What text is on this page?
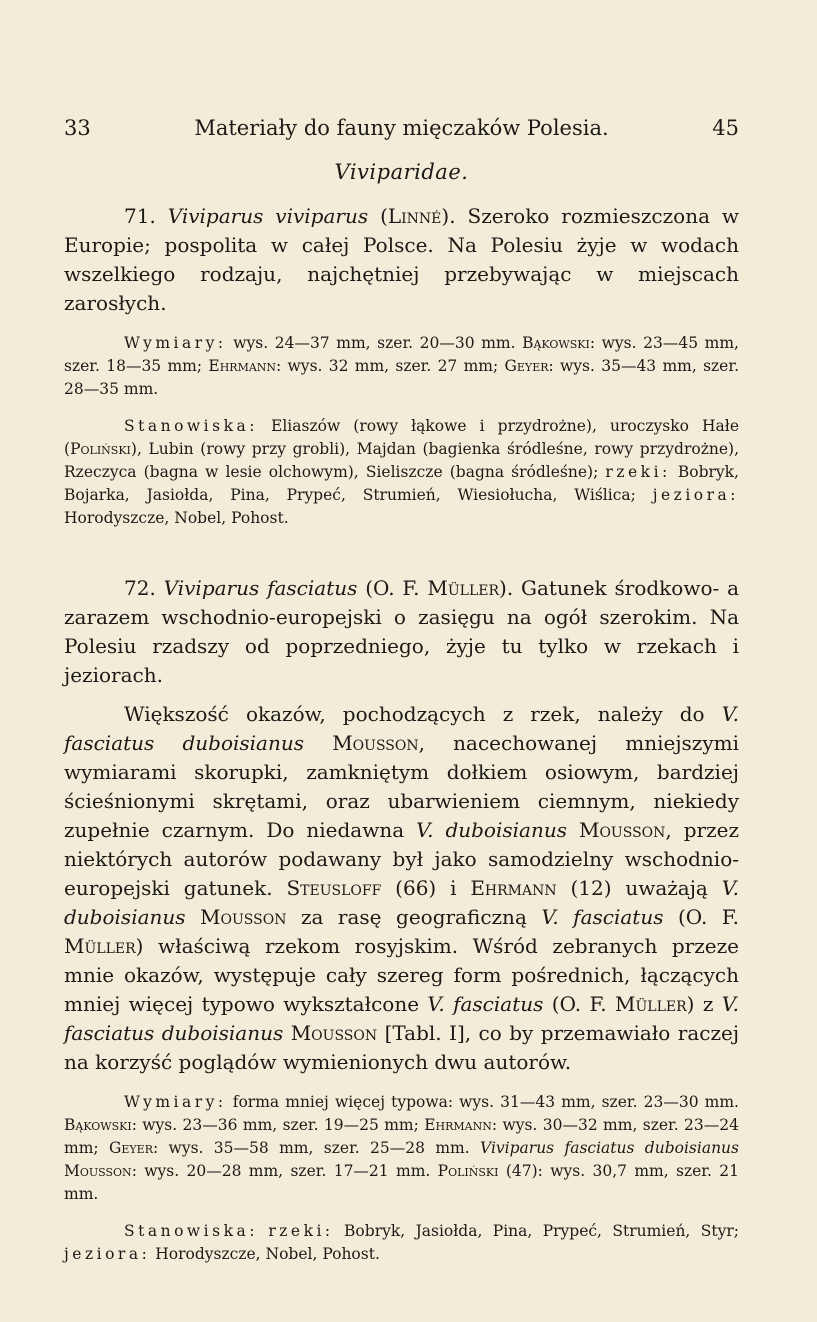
33	Materiały do fauny mięczaków Polesia.	45
Viviparidae.

71. Viviparus viviparus (Linné). Szeroko rozmieszczona w Europie; pospolita w całej Polsce. Na Polesiu żyje w wodach wszelkiego rodzaju, najchętniej przebywając w miejscach zarosłych.

Wymiary: wys. 24—37 mm, szer. 20—30 mm. Bąkowski: wys. 23—45 mm, szer. 18—35 mm; Ehrmann: wys. 32 mm, szer. 27 mm; Geyer: wys. 35—43 mm, szer. 28—35 mm.

Stanowiska: Eliaszów (rowy łąkowe i przydrożne), uroczysko Hałe (Poliński), Lubin (rowy przy grobli), Majdan (bagienka śródleśne, rowy przydrożne), Rzeczyca (bagna w lesie olchowym), Sieliszcze (bagna śródleśne); rzeki: Bobryk, Bojarka, Jasiołda, Pina, Prypeć, Strumień, Wiesiołucha, Wiślica; jeziora: Horodyszcze, Nobel, Pohost.

72. Viviparus fasciatus (O. F. Müller). Gatunek środkowo- a zarazem wschodnio-europejski o zasięgu na ogół szerokim. Na Polesiu rzadszy od poprzedniego, żyje tu tylko w rzekach i jeziorach.

Większość okazów, pochodzących z rzek, należy do V. fasciatus duboisianus Mousson, nacechowanej mniejszymi wymiarami skorupki, zamkniętym dołkiem osiowym, bardziej ścieśnionymi skrętami, oraz ubarwieniem ciemnym, niekiedy zupełnie czarnym. Do niedawna V. duboisianus Mousson, przez niektórych autorów podawany był jako samodzielny wschodnio-europejski gatunek. Steusloff (66) i Ehrmann (12) uważają V. duboisianus Mousson za rasę geograficzną V. fasciatus (O. F. Müller) właściwą rzekom rosyjskim. Wśród zebranych przeze mnie okazów, występuje cały szereg form pośrednich, łączących mniej więcej typowo wykształcone V. fasciatus (O. F. Müller) z V. fasciatus duboisianus Mousson [Tabl. I], co by przemawiało raczej na korzyść poglądów wymienionych dwu autorów.

Wymiary: forma mniej więcej typowa: wys. 31—43 mm, szer. 23—30 mm. Bąkowski: wys. 23—36 mm, szer. 19—25 mm; Ehrmann: wys. 30—32 mm, szer. 23—24 mm; Geyer: wys. 35—58 mm, szer. 25—28 mm. Viviparus fasciatus duboisianus Mousson: wys. 20—28 mm, szer. 17—21 mm. Poliński (47): wys. 30,7 mm, szer. 21 mm.

Stanowiska: rzeki: Bobryk, Jasiołda, Pina, Prypeć, Strumień, Styr; jeziora: Horodyszcze, Nobel, Pohost.
